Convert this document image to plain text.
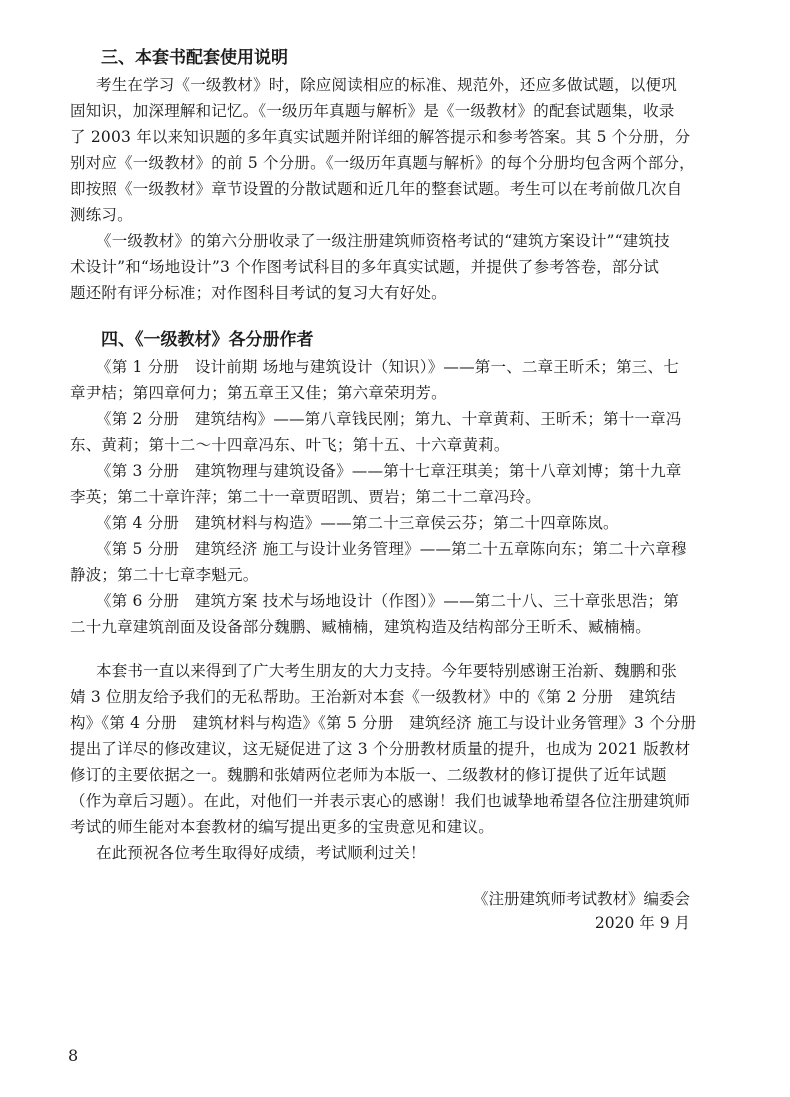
三、本套书配套使用说明

考生在学习《一级教材》时，除应阅读相应的标准、规范外，还应多做试题，以便巩

固知识，加深理解和记忆。《一级历年真题与解析》是《一级教材》的配套试题集，收录

了 2003 年以来知识题的多年真实试题并附详细的解答提示和参考答案。其 5 个分册，分

别对应《一级教材》的前 5 个分册。《一级历年真题与解析》的每个分册均包含两个部分，

即按照《一级教材》章节设置的分散试题和近几年的整套试题。考生可以在考前做几次自

测练习。

《一级教材》的第六分册收录了一级注册建筑师资格考试的“建筑方案设计”“建筑技

术设计”和“场地设计”3 个作图考试科目的多年真实试题，并提供了参考答卷，部分试

题还附有评分标准；对作图科目考试的复习大有好处。

四、《一级教材》各分册作者

《第 1 分册　设计前期 场地与建筑设计（知识）》——第一、二章王昕禾；第三、七

章尹桔；第四章何力；第五章王又佳；第六章荣玥芳。

《第 2 分册　建筑结构》——第八章钱民刚；第九、十章黄莉、王昕禾；第十一章冯

东、黄莉；第十二～十四章冯东、叶飞；第十五、十六章黄莉。

《第 3 分册　建筑物理与建筑设备》——第十七章汪琪美；第十八章刘博；第十九章

李英；第二十章许萍；第二十一章贾昭凯、贾岩；第二十二章冯玲。

《第 4 分册　建筑材料与构造》——第二十三章侯云芬；第二十四章陈岚。

《第 5 分册　建筑经济 施工与设计业务管理》——第二十五章陈向东；第二十六章穆

静波；第二十七章李魁元。

《第 6 分册　建筑方案 技术与场地设计（作图）》——第二十八、三十章张思浩；第

二十九章建筑剖面及设备部分魏鹏、臧楠楠，建筑构造及结构部分王昕禾、臧楠楠。

本套书一直以来得到了广大考生朋友的大力支持。今年要特别感谢王治新、魏鹏和张

婧 3 位朋友给予我们的无私帮助。王治新对本套《一级教材》中的《第 2 分册　建筑结

构》《第 4 分册　建筑材料与构造》《第 5 分册　建筑经济 施工与设计业务管理》3 个分册

提出了详尽的修改建议，这无疑促进了这 3 个分册教材质量的提升，也成为 2021 版教材

修订的主要依据之一。魏鹏和张婧两位老师为本版一、二级教材的修订提供了近年试题

（作为章后习题）。在此，对他们一并表示衷心的感谢！我们也诚挚地希望各位注册建筑师

考试的师生能对本套教材的编写提出更多的宝贵意见和建议。

在此预祝各位考生取得好成绩，考试顺利过关！

《注册建筑师考试教材》编委会

2020 年 9 月

8
